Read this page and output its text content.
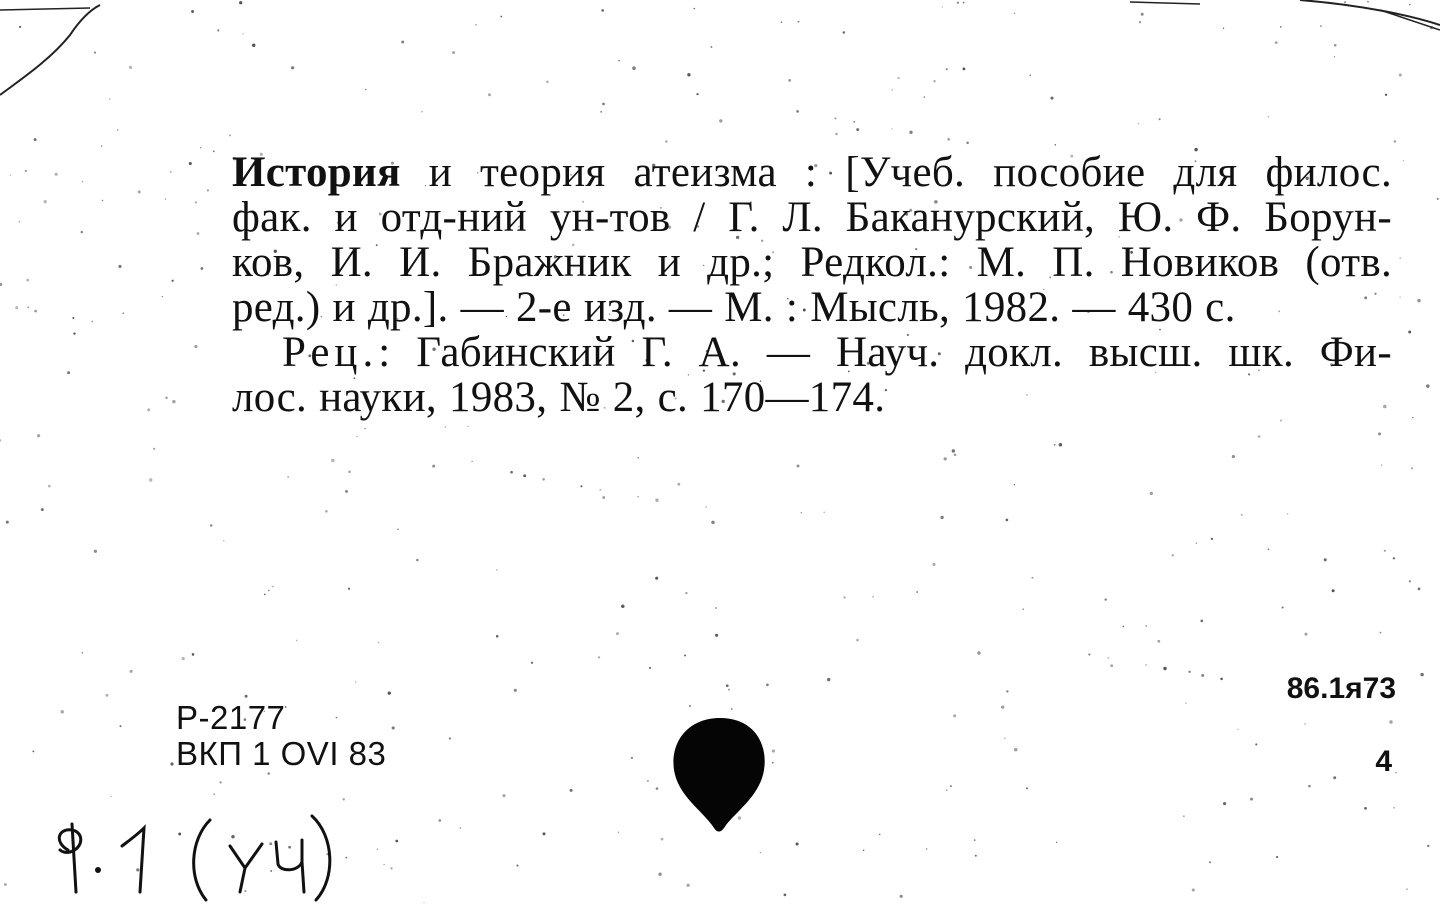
История и теория атеизма : [Учеб. пособие для филос.
фак. и отд-ний ун-тов / Г. Л. Баканурский, Ю. Ф. Борун-
ков, И. И. Бражник и др.; Редкол.: М. П. Новиков (отв.
ред.) и др.]. — 2-е изд. — М. : Мысль, 1982. — 430 с.
Рец.: Габинский Г. А. — Науч. докл. высш. шк. Фи-
лос. науки, 1983, № 2, с. 170—174.
Р-2177
ВКП 1 OVI 83
86.1я73
4
